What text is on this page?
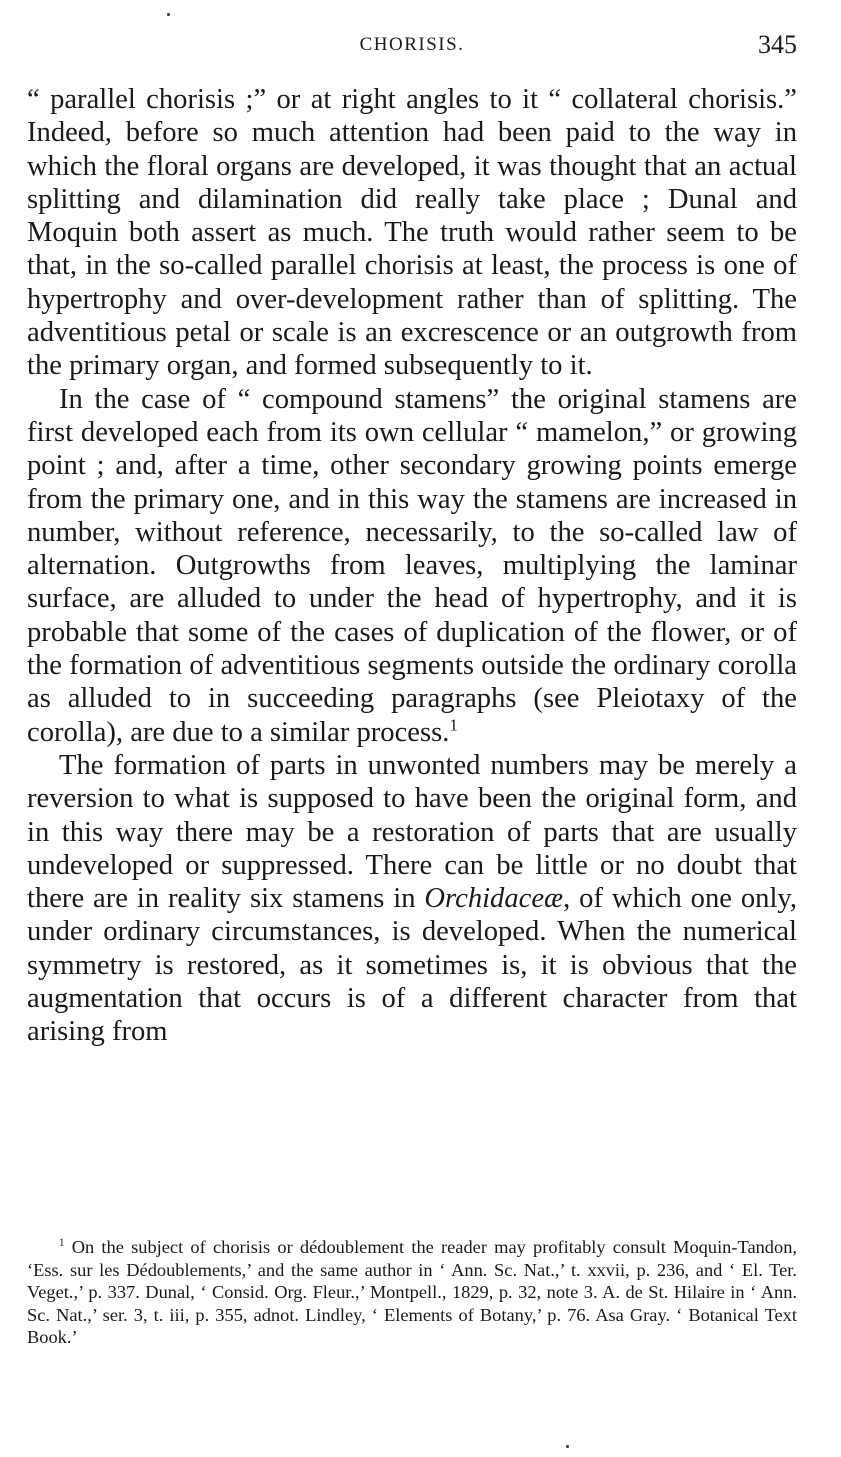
CHORISIS.	345

“ parallel chorisis ;” or at right angles to it “ collateral chorisis.” Indeed, before so much attention had been paid to the way in which the floral organs are developed, it was thought that an actual splitting and dilamination did really take place ; Dunal and Moquin both assert as much. The truth would rather seem to be that, in the so-called parallel chorisis at least, the process is one of hypertrophy and over-development rather than of splitting. The adventitious petal or scale is an excrescence or an outgrowth from the primary organ, and formed subsequently to it.

In the case of “ compound stamens” the original stamens are first developed each from its own cellular “ mamelon,” or growing point ; and, after a time, other secondary growing points emerge from the primary one, and in this way the stamens are increased in number, without reference, necessarily, to the so-called law of alternation. Outgrowths from leaves, multiplying the laminar surface, are alluded to under the head of hypertrophy, and it is probable that some of the cases of duplication of the flower, or of the formation of adventitious segments outside the ordinary corolla as alluded to in succeeding paragraphs (see Pleiotaxy of the corolla), are due to a similar process.$^1$

The formation of parts in unwonted numbers may be merely a reversion to what is supposed to have been the original form, and in this way there may be a restoration of parts that are usually undeveloped or suppressed. There can be little or no doubt that there are in reality six stamens in Orchidaceæ, of which one only, under ordinary circumstances, is developed. When the numerical symmetry is restored, as it sometimes is, it is obvious that the augmentation that occurs is of a different character from that arising from

$^1$ On the subject of chorisis or dédoublement the reader may profitably consult Moquin-Tandon, ‘Ess. sur les Dédoublements,’ and the same author in ‘ Ann. Sc. Nat.,’ t. xxvii, p. 236, and ‘ El. Ter. Veget.,’ p. 337. Dunal, ‘ Consid. Org. Fleur.,’ Montpell., 1829, p. 32, note 3. A. de St. Hilaire in ‘ Ann. Sc. Nat.,’ ser. 3, t. iii, p. 355, adnot. Lindley, ‘ Elements of Botany,’ p. 76. Asa Gray. ‘ Botanical Text Book.’
